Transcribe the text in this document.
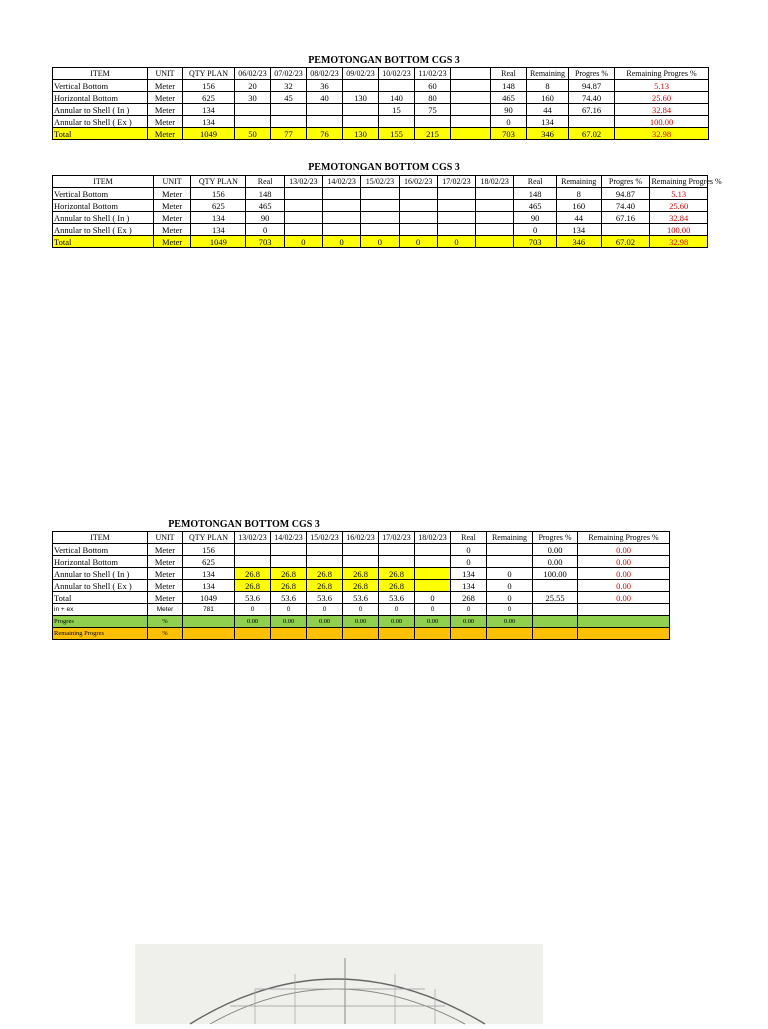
PEMOTONGAN BOTTOM CGS 3
ITEM	UNIT	QTY PLAN	06/02/23	07/02/23	08/02/23	09/02/23	10/02/23	11/02/23		Real	Remaining	Progres %	Remaining Progres %
Vertical Bottom	Meter	156	20	32	36			60		148	8	94.87	5.13
Horizontal Bottom	Meter	625	30	45	40	130	140	80		465	160	74.40	25.60
Annular to Shell ( In )	Meter	134					15	75		90	44	67.16	32.84
Annular to Shell ( Ex )	Meter	134								0	134		100.00
Total	Meter	1049	50	77	76	130	155	215		703	346	67.02	32.98
PEMOTONGAN BOTTOM CGS 3
ITEM	UNIT	QTY PLAN	Real	13/02/23	14/02/23	15/02/23	16/02/23	17/02/23	18/02/23	Real	Remaining	Progres %	Remaining Progres %
Vertical Bottom	Meter	156	148							148	8	94.87	5.13
Horizontal Bottom	Meter	625	465							465	160	74.40	25.60
Annular to Shell ( In )	Meter	134	90							90	44	67.16	32.84
Annular to Shell ( Ex )	Meter	134	0							0	134		100.00
Total	Meter	1049	703	0	0	0	0	0		703	346	67.02	32.98
PEMOTONGAN BOTTOM CGS 3
ITEM	UNIT	QTY PLAN	13/02/23	14/02/23	15/02/23	16/02/23	17/02/23	18/02/23	Real	Remaining	Progres %	Remaining Progres %
Vertical Bottom	Meter	156							0		0.00	0.00
Horizontal Bottom	Meter	625							0		0.00	0.00
Annular to Shell ( In )	Meter	134	26.8	26.8	26.8	26.8	26.8		134	0	100.00	0.00
Annular to Shell ( Ex )	Meter	134	26.8	26.8	26.8	26.8	26.8		134	0		0.00
Total	Meter	1049	53.6	53.6	53.6	53.6	53.6	0	268	0	25.55	0.00
in + ex	Meter	781	0	0	0	0	0	0	0	0		
Progres	%		0.00	0.00	0.00	0.00	0.00	0.00	0.00	0.00		
Remaining Progres	%											
